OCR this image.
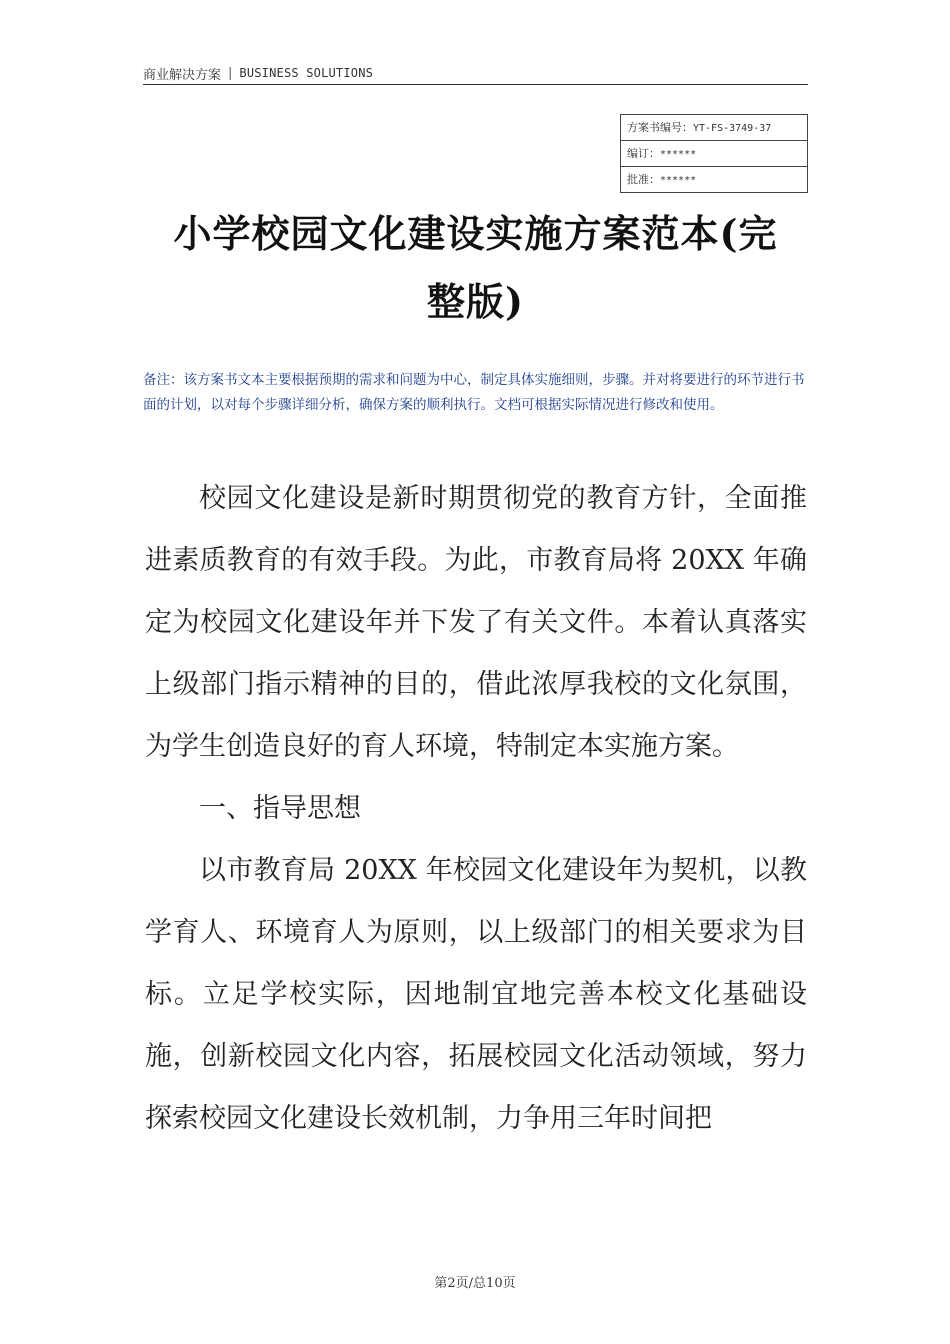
商业解决方案 | BUSINESS SOLUTIONS
方案书编号：YT-FS-3749-37
编订：******
批准：******
小学校园文化建设实施方案范本(完
整版)
备注：该方案书文本主要根据预期的需求和问题为中心，制定具体实施细则，步骤。并对将要进行的环节进行书面的计划，以对每个步骤详细分析，确保方案的顺利执行。文档可根据实际情况进行修改和使用。

校园文化建设是新时期贯彻党的教育方针，全面推进素质教育的有效手段。为此，市教育局将 20XX 年确定为校园文化建设年并下发了有关文件。本着认真落实上级部门指示精神的目的，借此浓厚我校的文化氛围，为学生创造良好的育人环境，特制定本实施方案。

一、指导思想

以市教育局 20XX 年校园文化建设年为契机，以教学育人、环境育人为原则，以上级部门的相关要求为目标。立足学校实际，因地制宜地完善本校文化基础设施，创新校园文化内容，拓展校园文化活动领域，努力探索校园文化建设长效机制，力争用三年时间把

第2页/总10页
